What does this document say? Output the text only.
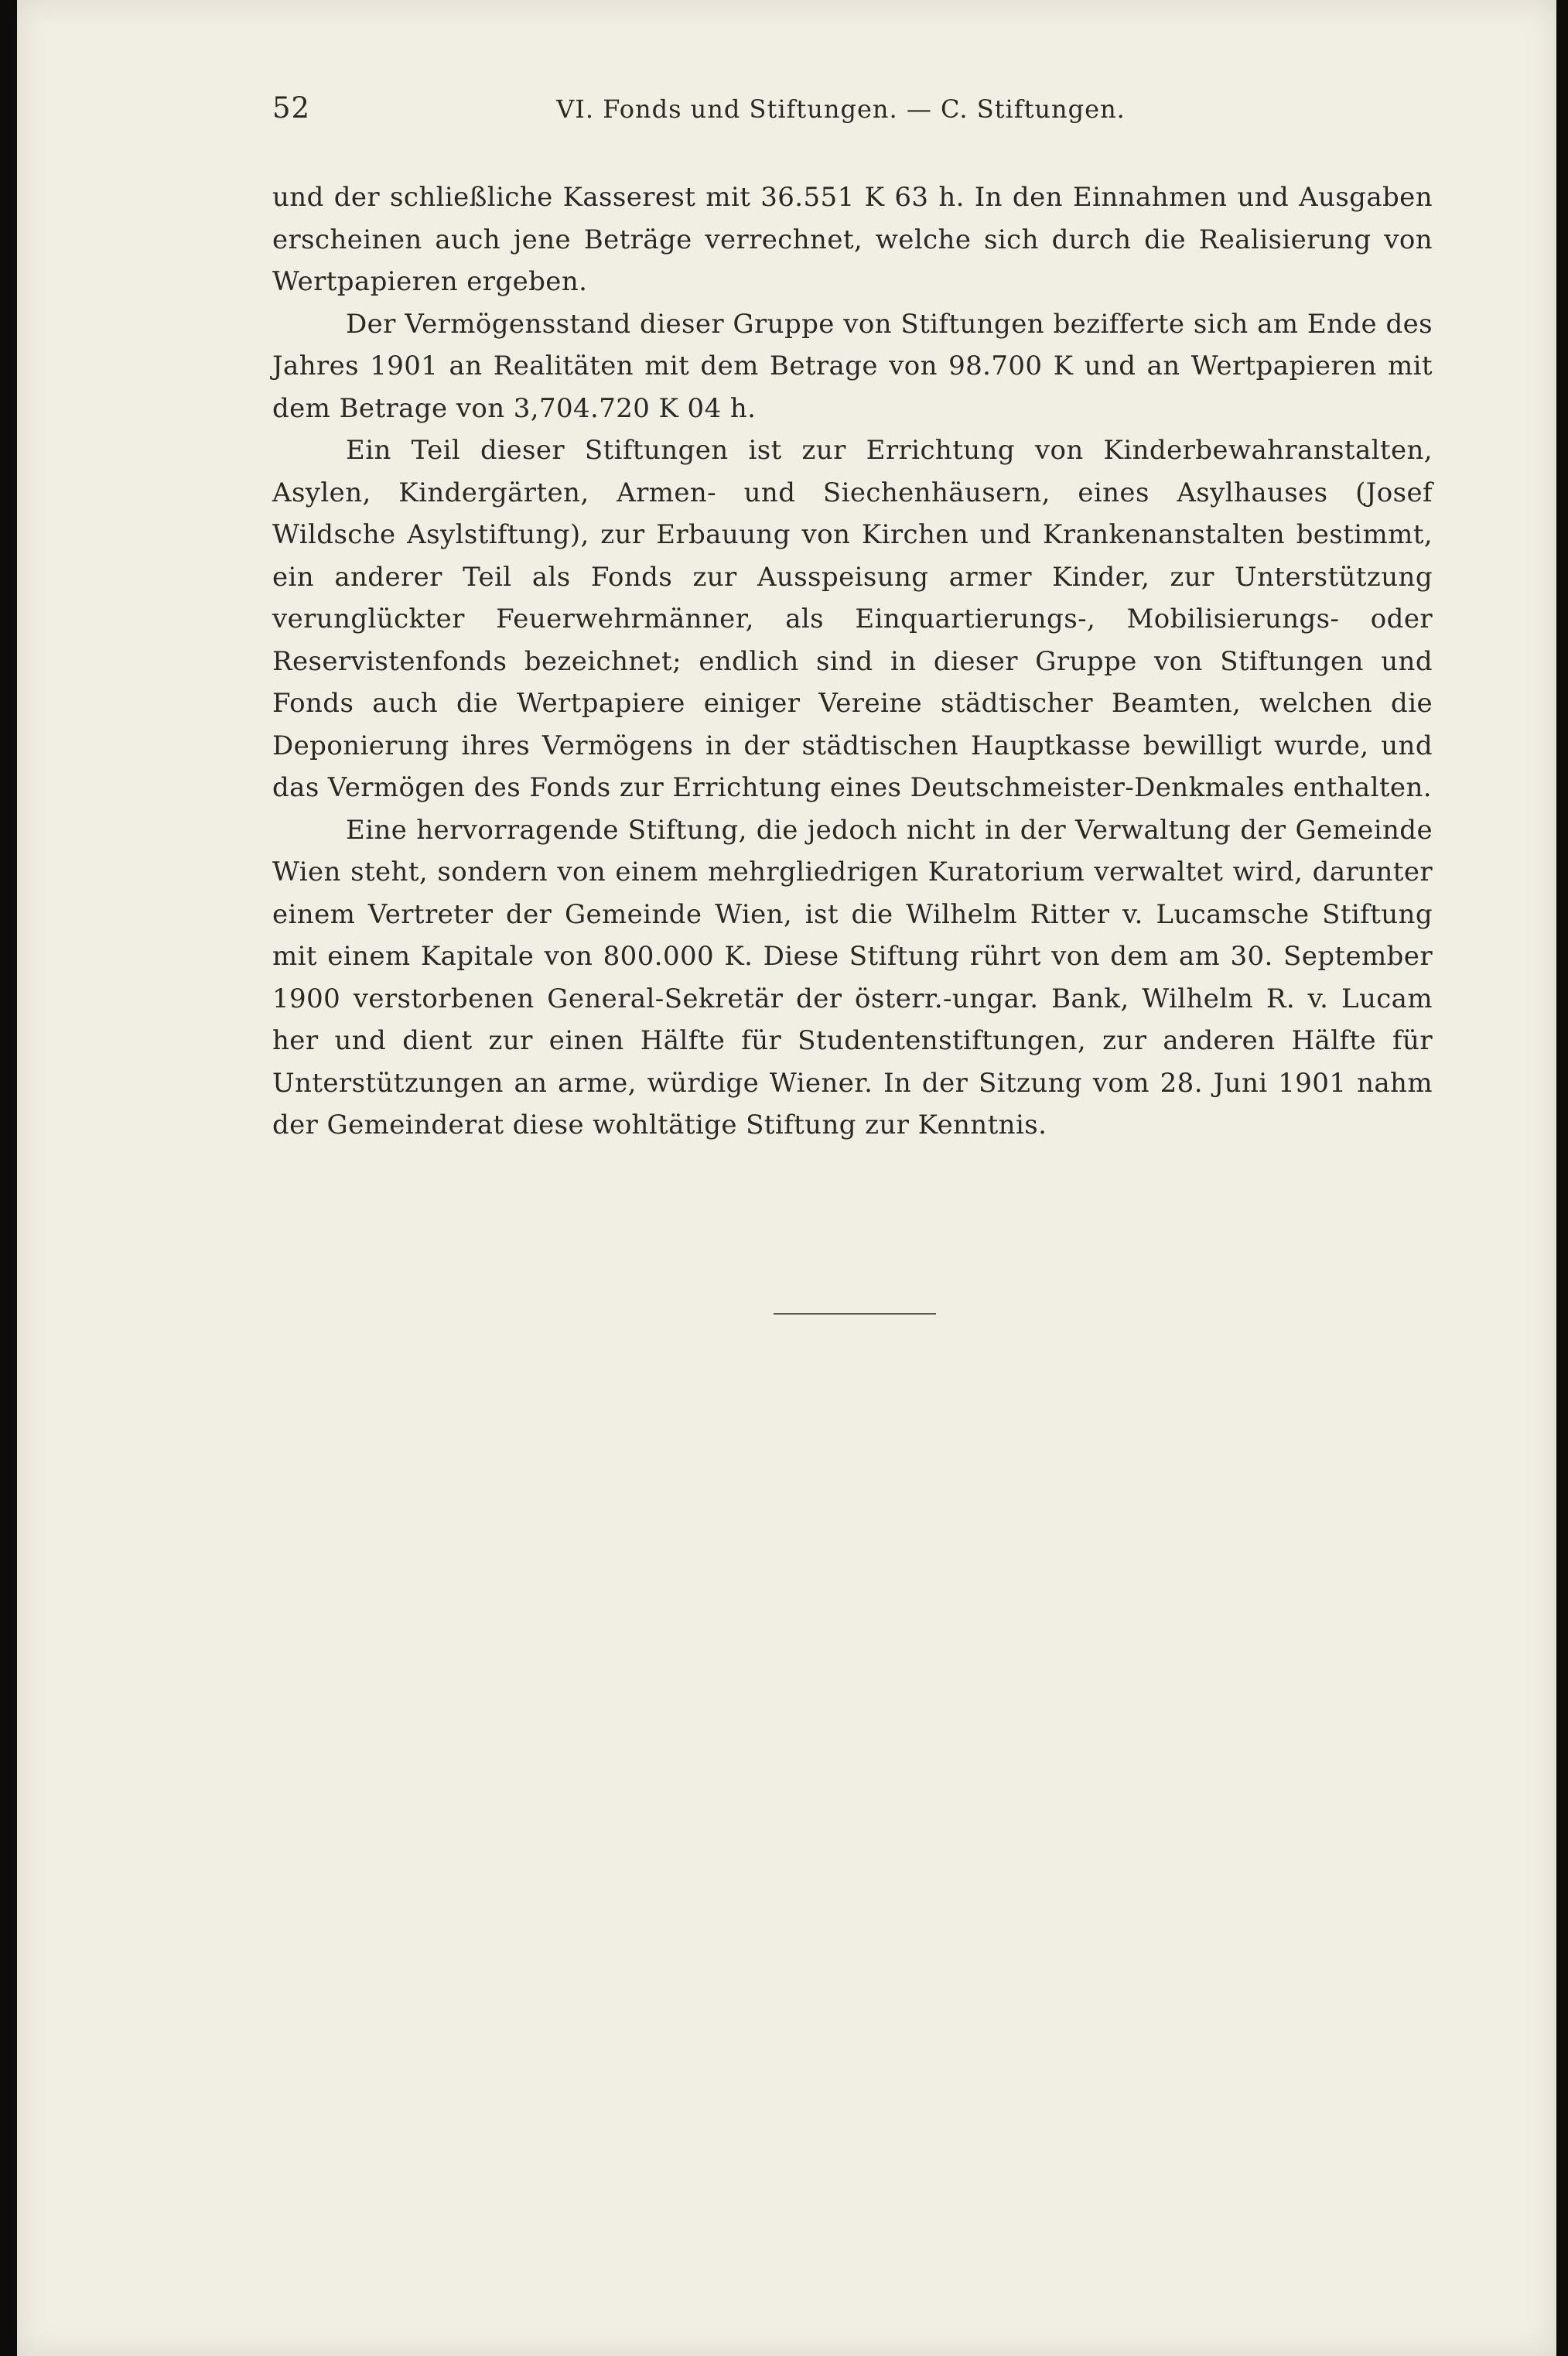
52	VI. Fonds und Stiftungen. — C. Stiftungen.

und der schließliche Kasserest mit 36.551 K 63 h. In den Einnahmen und Ausgaben erscheinen auch jene Beträge verrechnet, welche sich durch die Realisierung von Wertpapieren ergeben.

Der Vermögensstand dieser Gruppe von Stiftungen bezifferte sich am Ende des Jahres 1901 an Realitäten mit dem Betrage von 98.700 K und an Wertpapieren mit dem Betrage von 3,704.720 K 04 h.

Ein Teil dieser Stiftungen ist zur Errichtung von Kinderbewahranstalten, Asylen, Kindergärten, Armen- und Siechenhäusern, eines Asylhauses (Josef Wildsche Asylstiftung), zur Erbauung von Kirchen und Krankenanstalten bestimmt, ein anderer Teil als Fonds zur Ausspeisung armer Kinder, zur Unterstützung verunglückter Feuerwehrmänner, als Einquartierungs-, Mobilisierungs- oder Reservistenfonds bezeichnet; endlich sind in dieser Gruppe von Stiftungen und Fonds auch die Wertpapiere einiger Vereine städtischer Beamten, welchen die Deponierung ihres Vermögens in der städtischen Hauptkasse bewilligt wurde, und das Vermögen des Fonds zur Errichtung eines Deutschmeister-Denkmales enthalten.

Eine hervorragende Stiftung, die jedoch nicht in der Verwaltung der Gemeinde Wien steht, sondern von einem mehrgliedrigen Kuratorium verwaltet wird, darunter einem Vertreter der Gemeinde Wien, ist die Wilhelm Ritter v. Lucamsche Stiftung mit einem Kapitale von 800.000 K. Diese Stiftung rührt von dem am 30. September 1900 verstorbenen General-Sekretär der österr.-ungar. Bank, Wilhelm R. v. Lucam her und dient zur einen Hälfte für Studentenstiftungen, zur anderen Hälfte für Unterstützungen an arme, würdige Wiener. In der Sitzung vom 28. Juni 1901 nahm der Gemeinderat diese wohltätige Stiftung zur Kenntnis.
